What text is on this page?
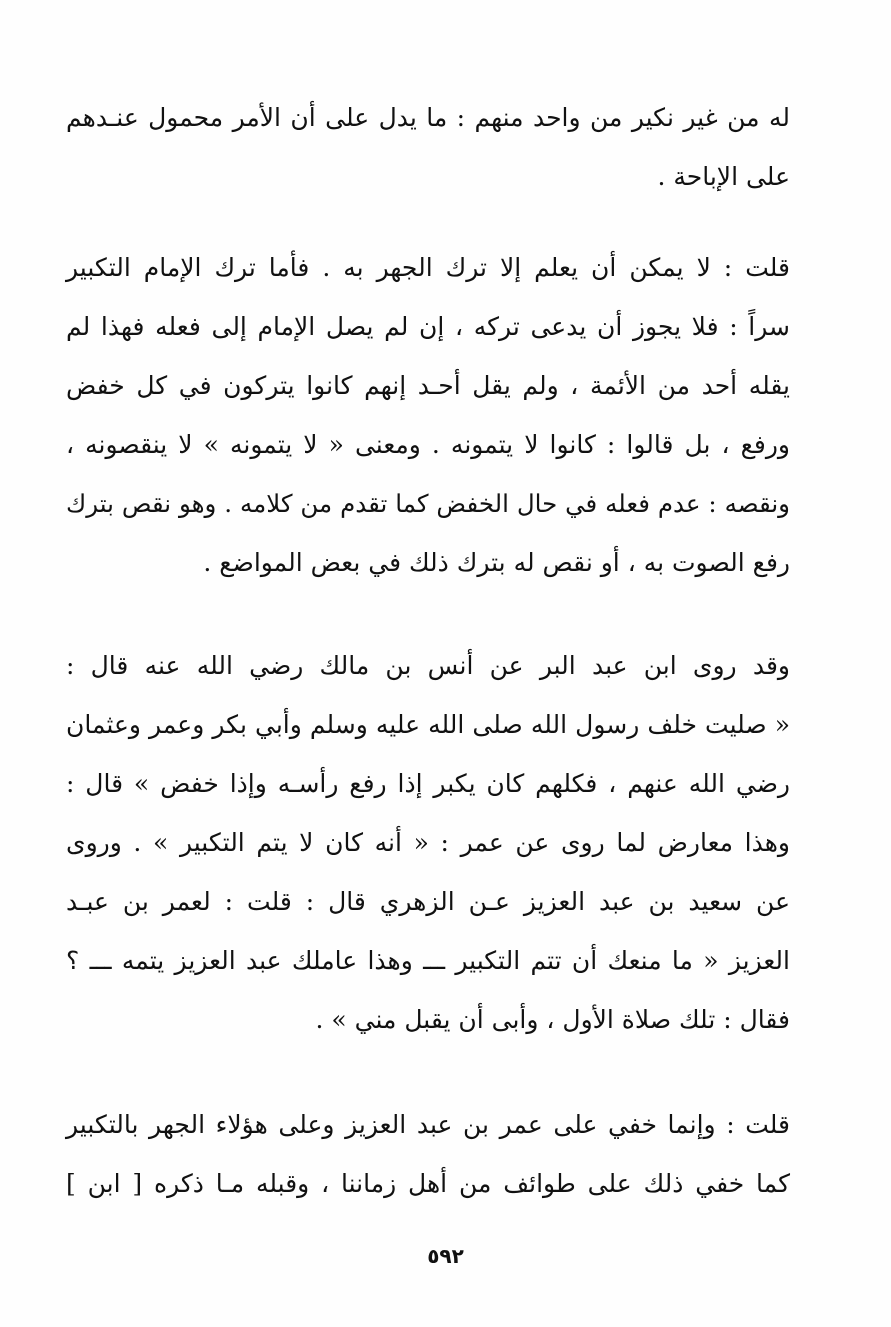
له من غير نكير من واحد منهم : ما يدل على أن الأمر محمول عنـدهم
على الإباحة .
قلت : لا يمكن أن يعلم إلا ترك الجهر به . فأما ترك الإمام التكبير
سراً : فلا يجوز أن يدعى تركه ، إن لم يصل الإمام إلى فعله فهذا لم
يقله أحد من الأئمة ، ولم يقل أحـد إنهم كانوا يتركون في كل خفض
ورفع ، بل قالوا : كانوا لا يتمونه . ومعنى « لا يتمونه » لا ينقصونه ،
ونقصه : عدم فعله في حال الخفض كما تقدم من كلامه . وهو نقص بترك
رفع الصوت به ، أو نقص له بترك ذلك في بعض المواضع .
وقد روى ابن عبد البر عن أنس بن مالك رضي الله عنه قال :
« صليت خلف رسول الله صلى الله عليه وسلم وأبي بكر وعمر وعثمان
رضي الله عنهم ، فكلهم كان يكبر إذا رفع رأسـه وإذا خفض » قال :
وهذا معارض لما روى عن عمر : « أنه كان لا يتم التكبير » . وروى
عن سعيد بن عبد العزيز عـن الزهري قال : قلت : لعمر بن عبـد
العزيز « ما منعك أن تتم التكبير ـــ وهذا عاملك عبد العزيز يتمه ـــ ؟
فقال : تلك صلاة الأول ، وأبى أن يقبل مني » .
قلت : وإنما خفي على عمر بن عبد العزيز وعلى هؤلاء الجهر بالتكبير
كما خفي ذلك على طوائف من أهل زماننا ، وقبله مـا ذكره [ ابن ]
٥٩٢
